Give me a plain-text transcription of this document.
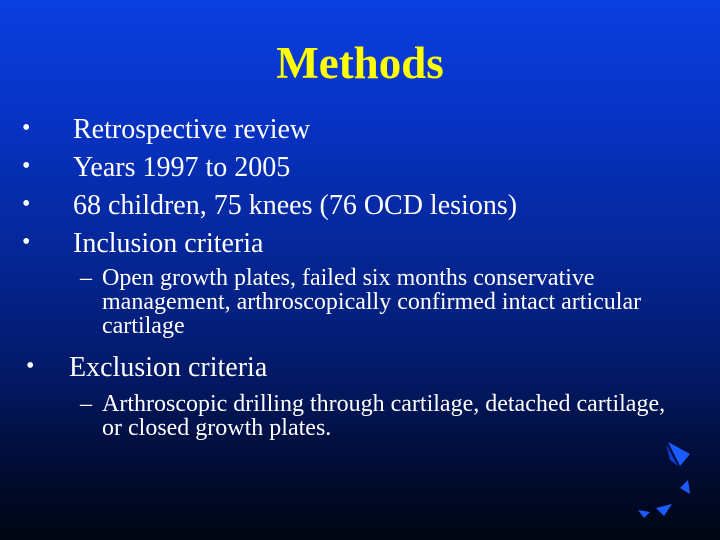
Methods
• Retrospective review
• Years 1997 to 2005
• 68 children, 75 knees (76 OCD lesions)
• Inclusion criteria
– Open growth plates, failed six months conservative management, arthroscopically confirmed intact articular cartilage
• Exclusion criteria
– Arthroscopic drilling through cartilage, detached cartilage, or closed growth plates.
